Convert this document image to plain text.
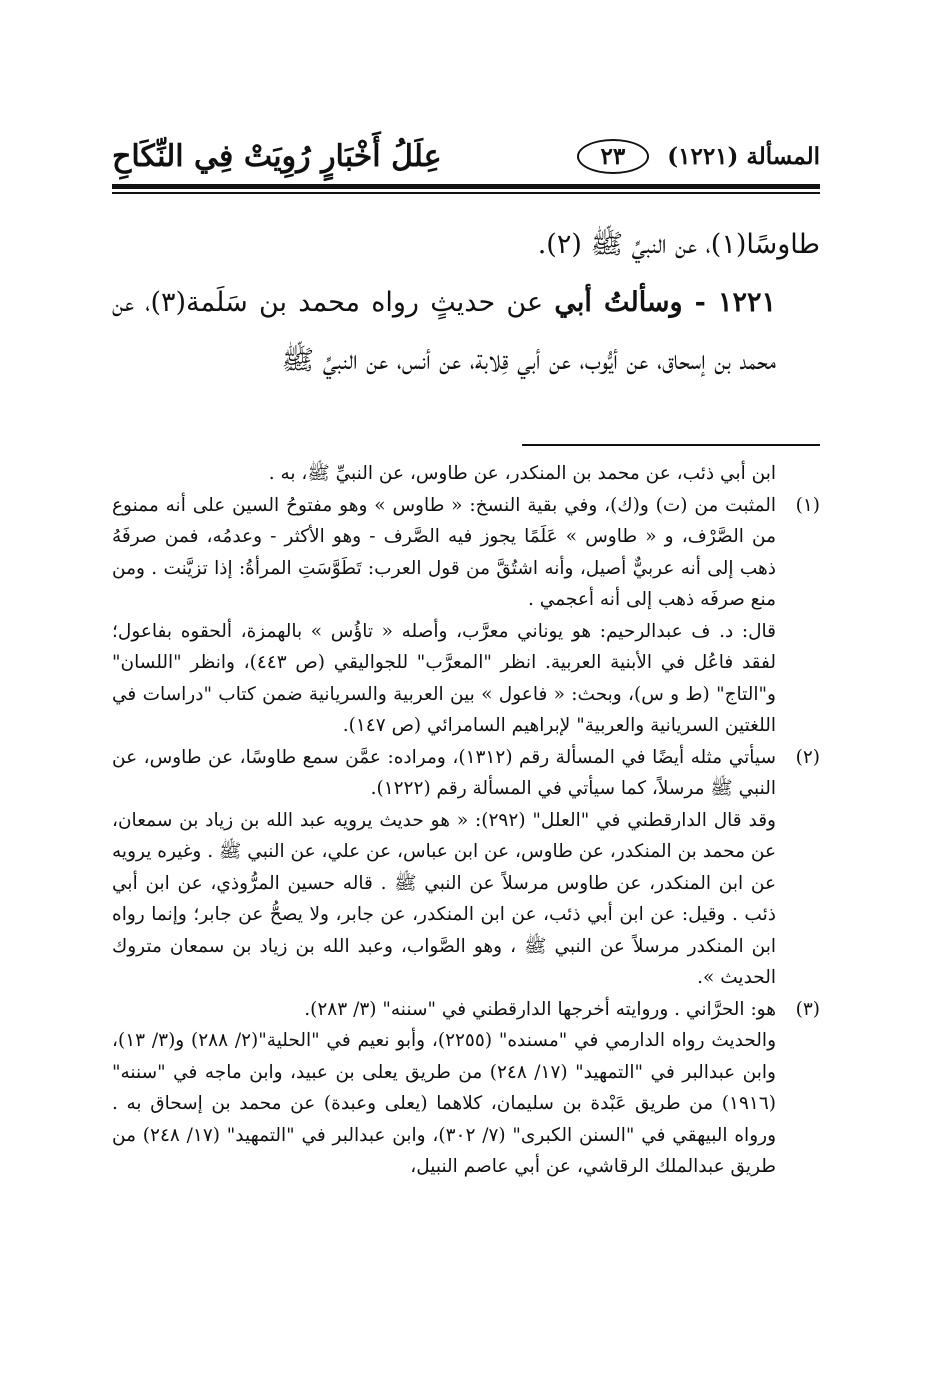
عِلَلُ أَخْبَارٍ رُوِيَتْ فِي النِّكَاحِ	المسألة (١٢٢١)
٢٣

طاوسًا(١)، عن النبيِّ ﷺ (٢).

١٢٢١ - وسألتُ أبي عن حديثٍ رواه محمد بن سَلَمة(٣)، عن محمد بن إسحاق، عن أيُّوب، عن أبي قِلابة، عن أنس، عن النبيِّ ﷺ

ابن أبي ذئب، عن محمد بن المنكدر، عن طاوس، عن النبيِّ ﷺ، به .

(١)

المثبت من (ت) و(ك)، وفي بقية النسخ: « طاوس » وهو مفتوحُ السين على أنه ممنوع من الصَّرْف، و « طاوس » عَلَمًا يجوز فيه الصَّرف - وهو الأكثر - وعدمُه، فمن صرفَهُ ذهب إلى أنه عربيٌّ أصيل، وأنه اشتُقَّ من قول العرب: تَطَوَّسَتِ المرأةُ: إذا تزيَّنت . ومن منع صرفَه ذهب إلى أنه أعجمي .

قال: د. ف عبدالرحيم: هو يوناني معرَّب، وأصله « تاؤُس » بالهمزة، ألحقوه بفاعول؛ لفقد فاعُل في الأبنية العربية. انظر "المعرَّب" للجواليقي (ص ٤٤٣)، وانظر "اللسان" و"التاج" (ط و س)، وبحث: « فاعول » بين العربية والسريانية ضمن كتاب "دراسات في اللغتين السريانية والعربية" لإبراهيم السامرائي (ص ١٤٧).

(٢)

سيأتي مثله أيضًا في المسألة رقم (١٣١٢)، ومراده: عمَّن سمع طاوسًا، عن طاوس، عن النبي ﷺ مرسلاً، كما سيأتي في المسألة رقم (١٢٢٢).

وقد قال الدارقطني في "العلل" (٢٩٢): « هو حديث يرويه عبد الله بن زياد بن سمعان، عن محمد بن المنكدر، عن طاوس، عن ابن عباس، عن علي، عن النبي ﷺ . وغيره يرويه عن ابن المنكدر، عن طاوس مرسلاً عن النبي ﷺ . قاله حسين المرُّوذي، عن ابن أبي ذئب . وقيل: عن ابن أبي ذئب، عن ابن المنكدر، عن جابر، ولا يصحُّ عن جابر؛ وإنما رواه ابن المنكدر مرسلاً عن النبي ﷺ ، وهو الصَّواب، وعبد الله بن زياد بن سمعان متروك الحديث ».

(٣)

هو: الحرَّاني . وروايته أخرجها الدارقطني في "سننه" (٣/ ٢٨٣).

والحديث رواه الدارمي في "مسنده" (٢٢٥٥)، وأبو نعيم في "الحلية"(٢/ ٢٨٨) و(٣/ ١٣)، وابن عبدالبر في "التمهيد" (١٧/ ٢٤٨) من طريق يعلى بن عبيد، وابن ماجه في "سننه" (١٩١٦) من طريق عَبْدة بن سليمان، كلاهما (يعلى وعبدة) عن محمد بن إسحاق به . ورواه البيهقي في "السنن الكبرى" (٧/ ٣٠٢)، وابن عبدالبر في "التمهيد" (١٧/ ٢٤٨) من طريق عبدالملك الرقاشي، عن أبي عاصم النبيل،
